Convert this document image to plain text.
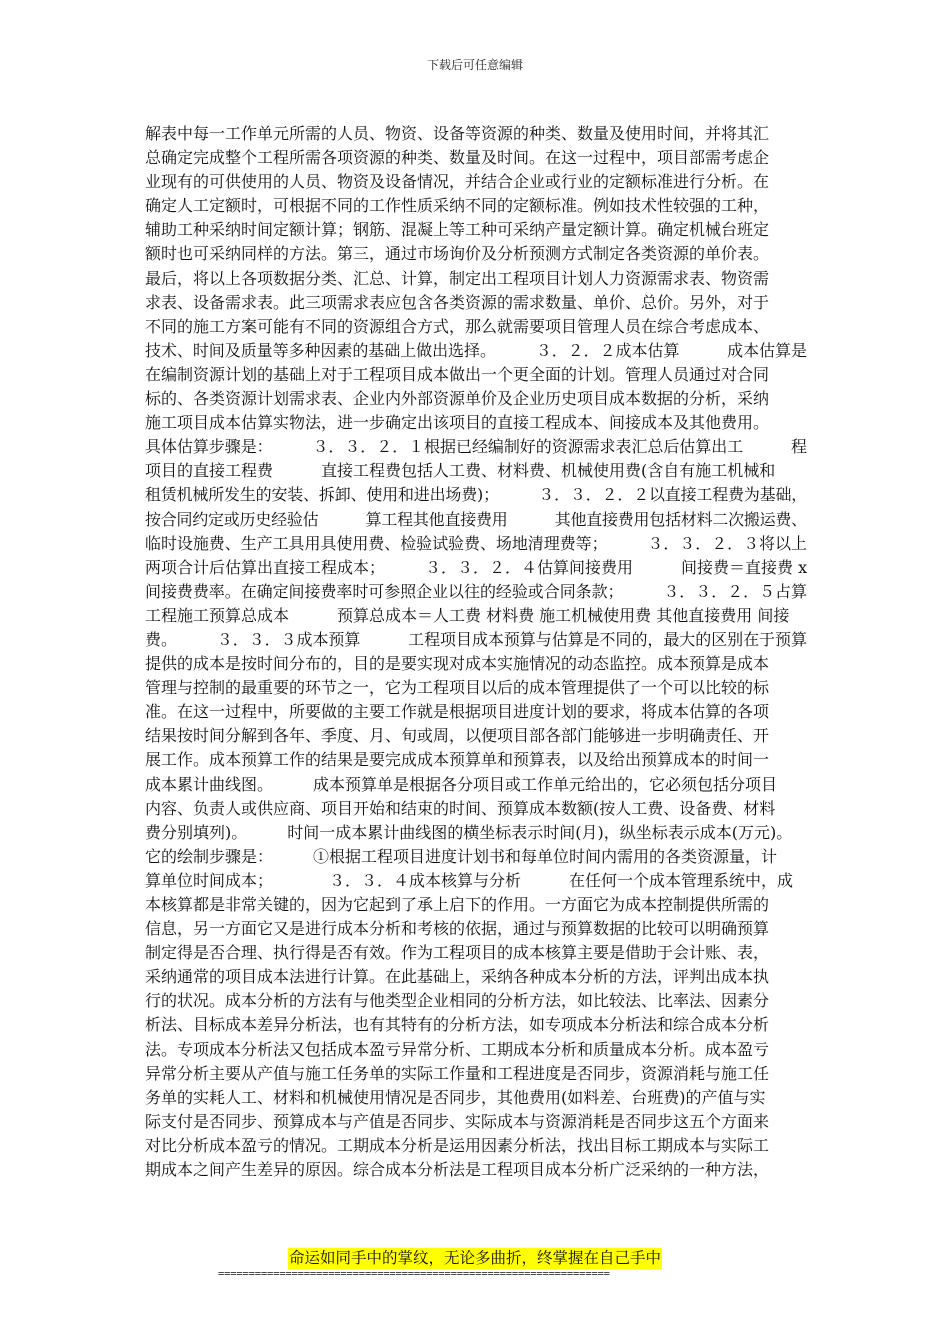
下载后可任意编辑
解表中每一工作单元所需的人员、物资、设备等资源的种类、数量及使用时间，并将其汇
总确定完成整个工程所需各项资源的种类、数量及时间。在这一过程中，项目部需考虑企
业现有的可供使用的人员、物资及设备情况，并结合企业或行业的定额标准进行分析。在
确定人工定额时，可根据不同的工作性质采纳不同的定额标准。例如技术性较强的工种，
辅助工种采纳时间定额计算；钢筋、混凝上等工种可采纳产量定额计算。确定机械台班定
额时也可采纳同样的方法。第三，通过市场询价及分析预测方式制定各类资源的单价表。
最后，将以上各项数据分类、汇总、计算，制定出工程项目计划人力资源需求表、物资需
求表、设备需求表。此三项需求表应包含各类资源的需求数量、单价、总价。另外，对于
不同的施工方案可能有不同的资源组合方式，那么就需要项目管理人员在综合考虑成本、
技术、时间及质量等多种因素的基础上做出选择。　　　３．２．２成本估算　　　成本估算是
在编制资源计划的基础上对于工程项目成本做出一个更全面的计划。管理人员通过对合同
标的、各类资源计划需求表、企业内外部资源单价及企业历史项目成本数据的分析，采纳
施工项目成本估算实物法，进一步确定出该项目的直接工程成本、间接成本及其他费用。
具体估算步骤是：　　　３．３．２．１根据已经编制好的资源需求表汇总后估算出工　　　程
项目的直接工程费　　　直接工程费包括人工费、材料费、机械使用费(含自有施工机械和
租赁机械所发生的安装、拆卸、使用和进出场费)；　　　３．３．２．２以直接工程费为基础，
按合同约定或历史经验估　　　算工程其他直接费用　　　其他直接费用包括材料二次搬运费、
临时设施费、生产工具用具使用费、检验试验费、场地清理费等；　　　３．３．２．３将以上
两项合计后估算出直接工程成本；　　　３．３．２．４估算间接费用　　　间接费＝直接费 x
间接费费率。在确定间接费率时可参照企业以往的经验或合同条款；　　　３．３．２．５占算
工程施工预算总成本　　　预算总成本＝人工费 材料费 施工机械使用费 其他直接费用 间接
费。　　　３．３．３成本预算　　　工程项目成本预算与估算是不同的，最大的区别在于预算
提供的成本是按时间分布的，目的是要实现对成本实施情况的动态监控。成本预算是成本
管理与控制的最重要的环节之一，它为工程项目以后的成本管理提供了一个可以比较的标
准。在这一过程中，所要做的主要工作就是根据项目进度计划的要求，将成本估算的各项
结果按时间分解到各年、季度、月、旬或周，以便项目部各部门能够进一步明确责任、开
展工作。成本预算工作的结果是要完成成本预算单和预算表，以及给出预算成本的时间一
成本累计曲线图。　　　成本预算单是根据各分项目或工作单元给出的，它必须包括分项目
内容、负责人或供应商、项目开始和结束的时间、预算成本数额(按人工费、设备费、材料
费分别填列)。　　　时间一成本累计曲线图的横坐标表示时间(月)，纵坐标表示成本(万元)。
它的绘制步骤是：　　　①根据工程项目进度计划书和每单位时间内需用的各类资源量，计
算单位时间成本；　　　　３．３．４成本核算与分析　　　在任何一个成本管理系统中，成
本核算都是非常关键的，因为它起到了承上启下的作用。一方面它为成本控制提供所需的
信息，另一方面它又是进行成本分析和考核的依据，通过与预算数据的比较可以明确预算
制定得是否合理、执行得是否有效。作为工程项目的成本核算主要是借助于会计账、表，
采纳通常的项目成本法进行计算。在此基础上，采纳各种成本分析的方法，评判出成本执
行的状况。成本分析的方法有与他类型企业相同的分析方法，如比较法、比率法、因素分
析法、目标成本差异分析法，也有其特有的分析方法，如专项成本分析法和综合成本分析
法。专项成本分析法又包括成本盈亏异常分析、工期成本分析和质量成本分析。成本盈亏
异常分析主要从产值与施工任务单的实际工作量和工程进度是否同步，资源消耗与施工任
务单的实耗人工、材料和机械使用情况是否同步，其他费用(如料差、台班费)的产值与实
际支付是否同步、预算成本与产值是否同步、实际成本与资源消耗是否同步这五个方面来
对比分析成本盈亏的情况。工期成本分析是运用因素分析法，找出目标工期成本与实际工
期成本之间产生差异的原因。综合成本分析法是工程项目成本分析广泛采纳的一种方法，
命运如同手中的掌纹，无论多曲折，终掌握在自己手中
================================================================
